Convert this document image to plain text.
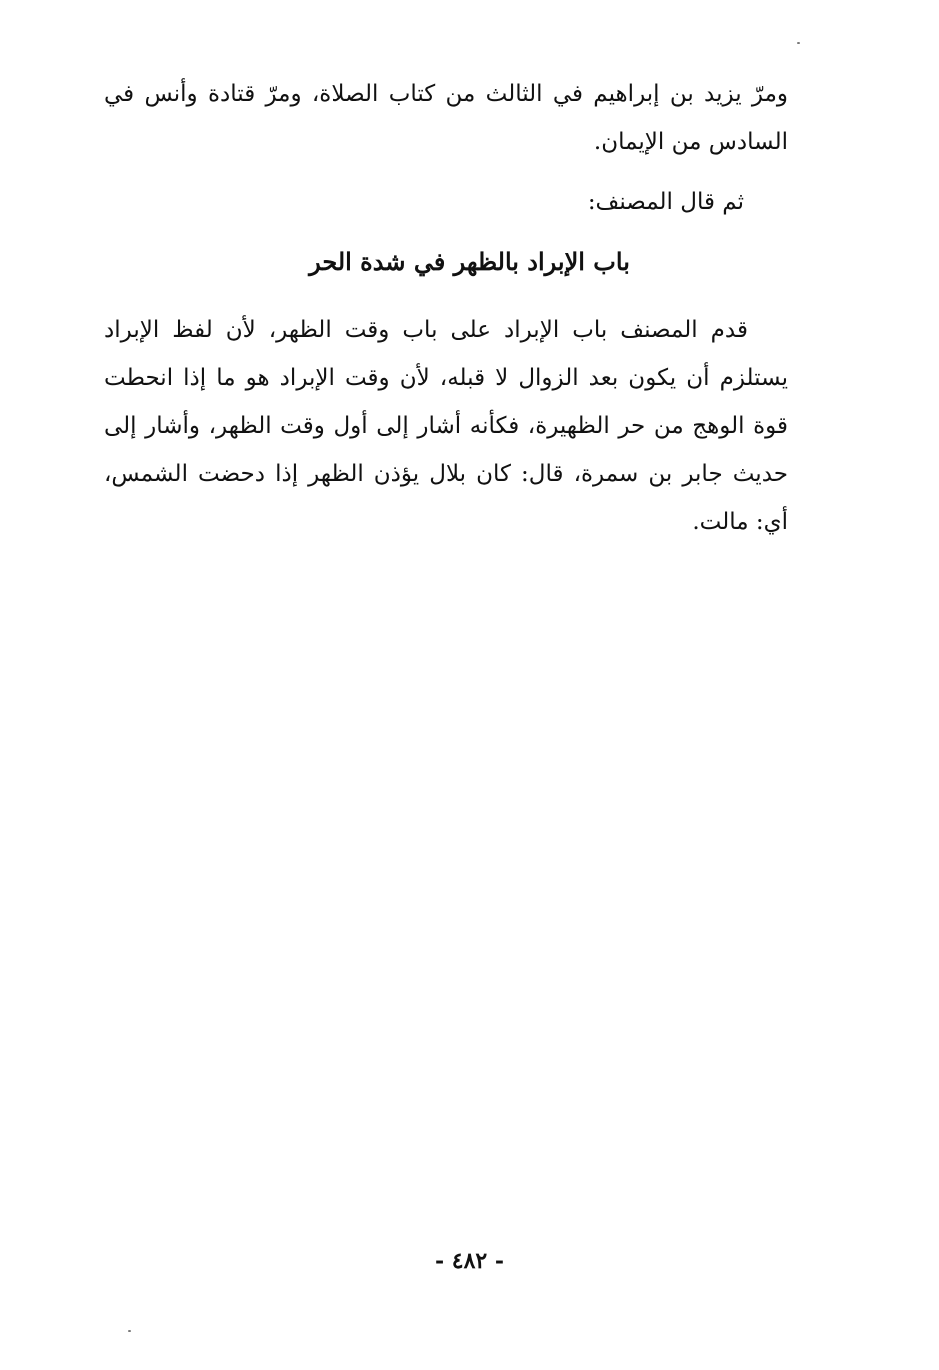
ومرّ يزيد بن إبراهيم في الثالث من كتاب الصلاة، ومرّ قتادة وأنس في السادس من الإيمان.

ثم قال المصنف:

باب الإبراد بالظهر في شدة الحر

قدم المصنف باب الإبراد على باب وقت الظهر، لأن لفظ الإبراد يستلزم أن يكون بعد الزوال لا قبله، لأن وقت الإبراد هو ما إذا انحطت قوة الوهج من حر الظهيرة، فكأنه أشار إلى أول وقت الظهر، وأشار إلى حديث جابر بن سمرة، قال: كان بلال يؤذن الظهر إذا دحضت الشمس، أي: مالت.

- ٤٨٢ -
